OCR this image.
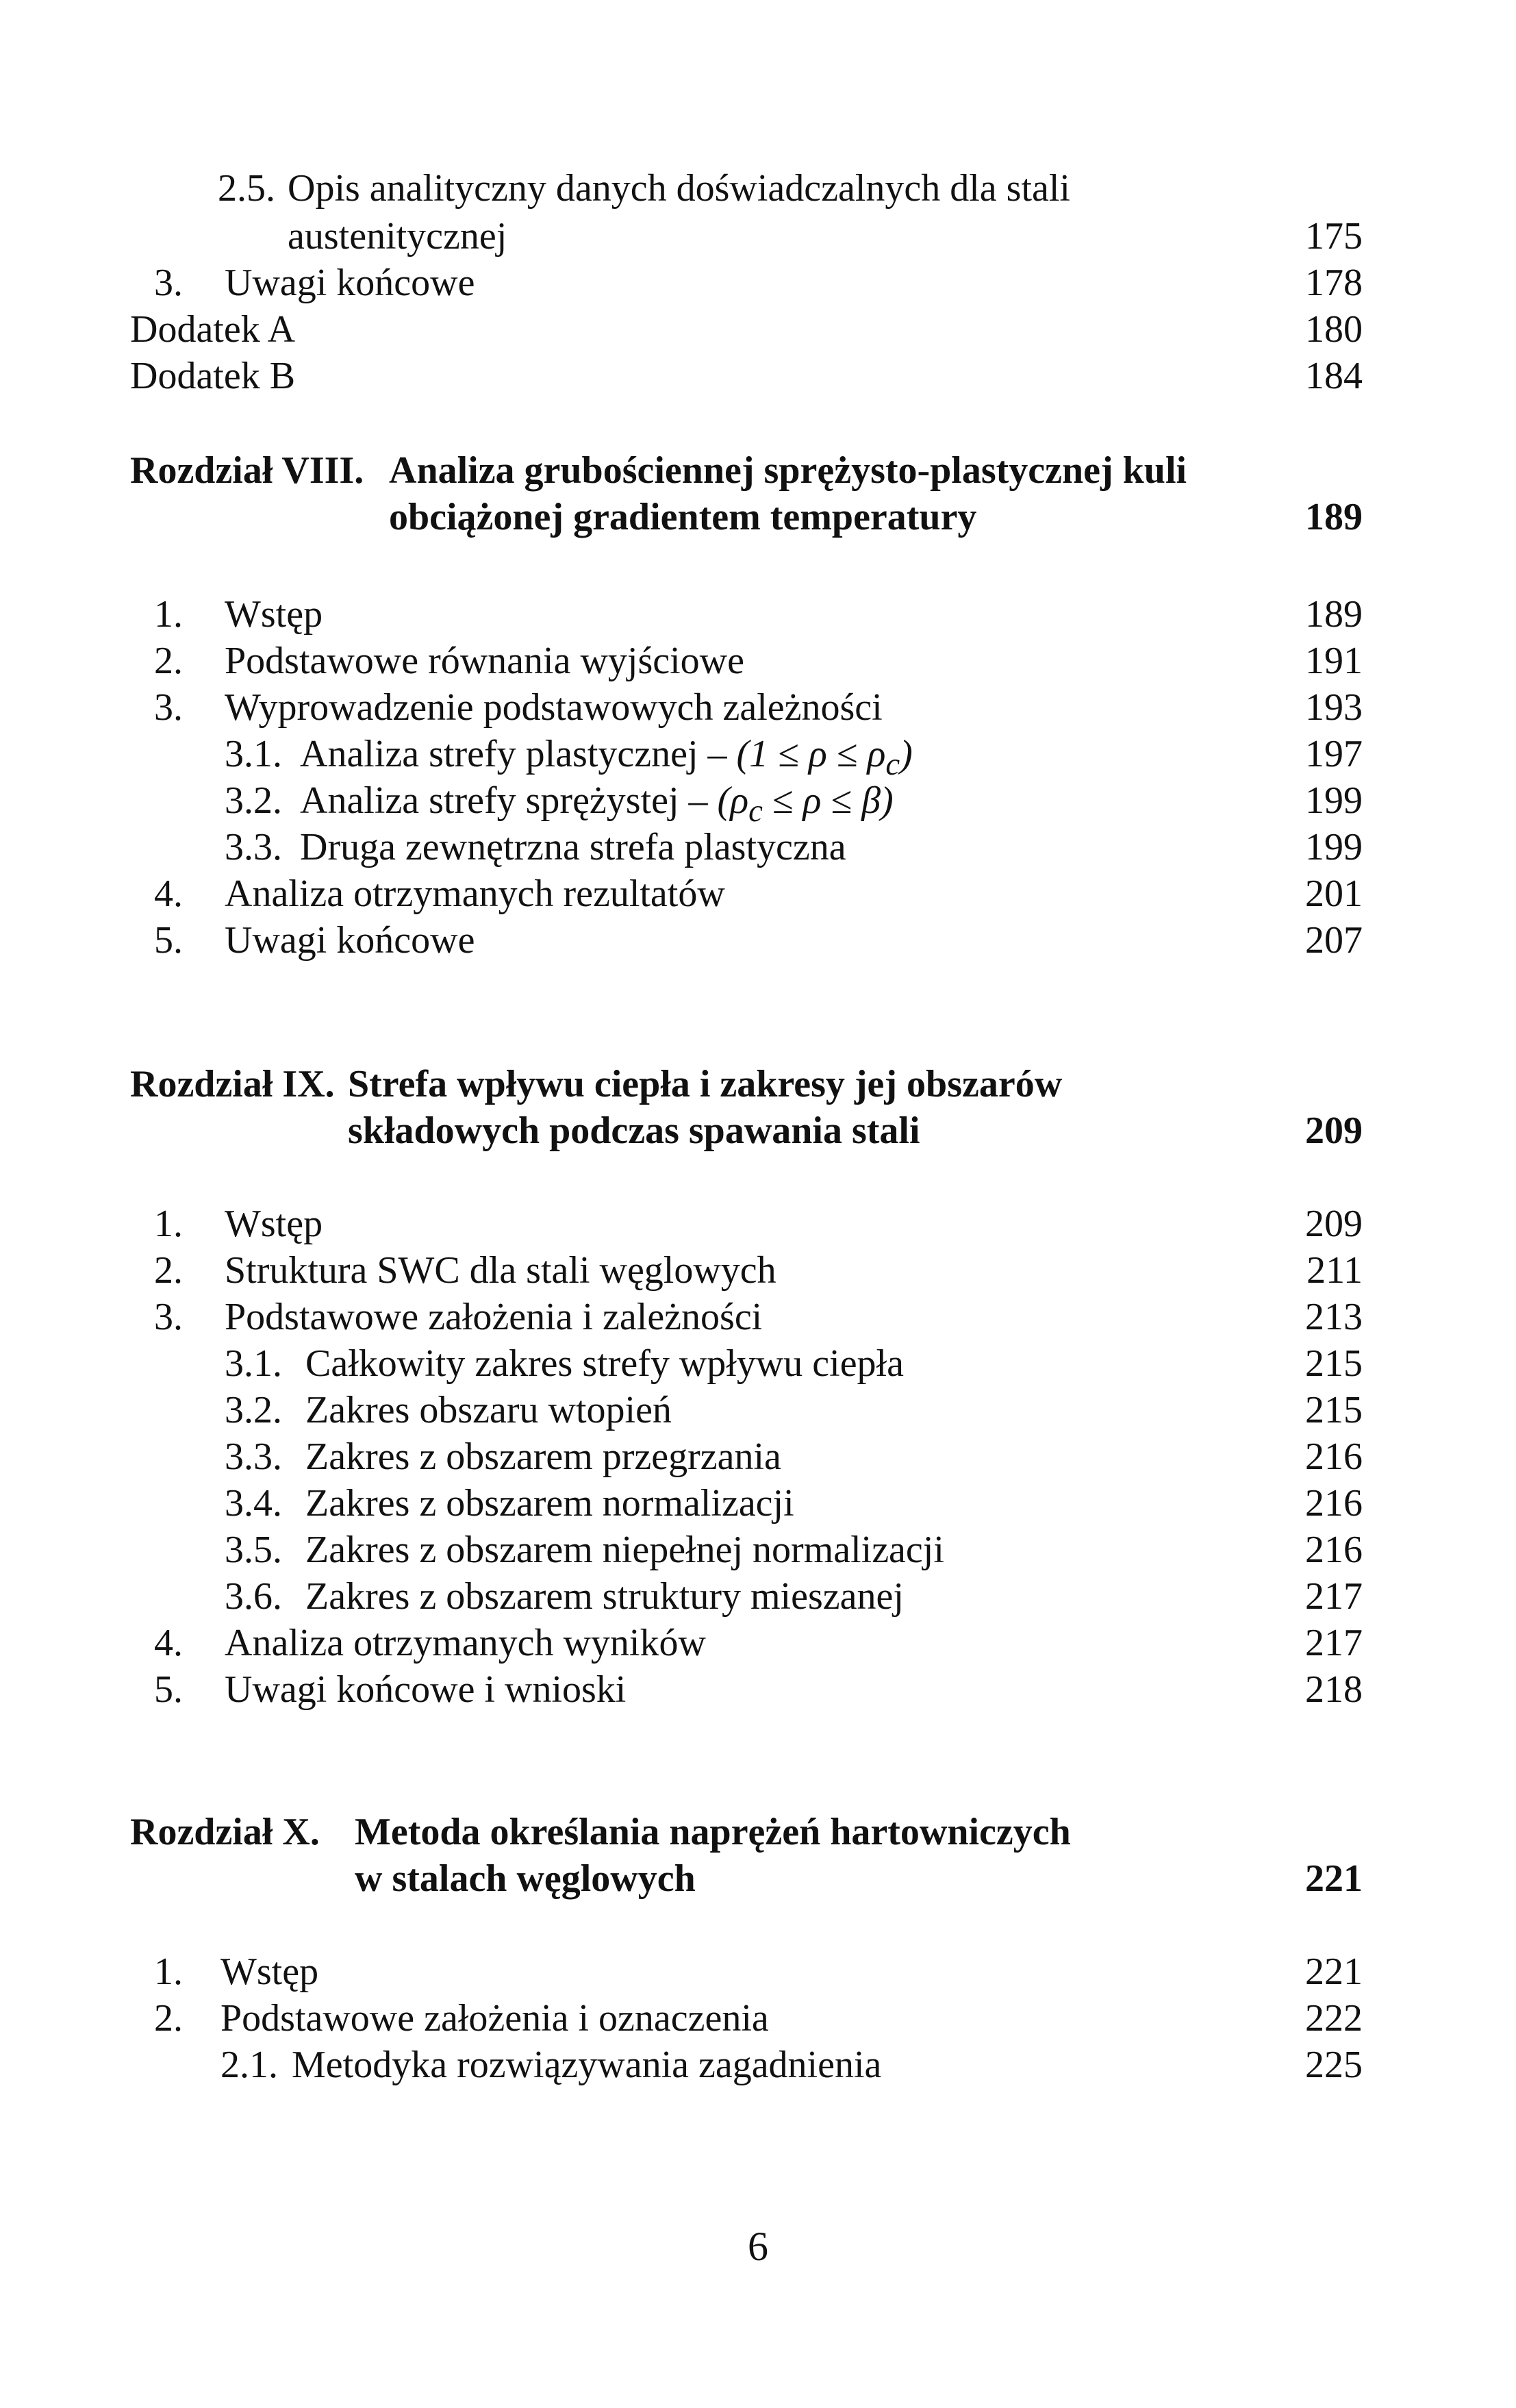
2.5. Opis analityczny danych doświadczalnych dla stali
austenitycznej	175
3. Uwagi końcowe	178
Dodatek A	180
Dodatek B	184
Rozdział VIII. Analiza grubościennej sprężysto-plastycznej kuli
obciążonej gradientem temperatury	189
1. Wstęp	189
2. Podstawowe równania wyjściowe	191
3. Wyprowadzenie podstawowych zależności	193
3.1. Analiza strefy plastycznej – $(1 \le \rho \le \rho_c)$	197
3.2. Analiza strefy sprężystej – $(\rho_c \le \rho \le \beta)$	199
3.3. Druga zewnętrzna strefa plastyczna	199
4. Analiza otrzymanych rezultatów	201
5. Uwagi końcowe	207
Rozdział IX. Strefa wpływu ciepła i zakresy jej obszarów
składowych podczas spawania stali	209
1. Wstęp	209
2. Struktura SWC dla stali węglowych	211
3. Podstawowe założenia i zależności	213
3.1. Całkowity zakres strefy wpływu ciepła	215
3.2. Zakres obszaru wtopień	215
3.3. Zakres z obszarem przegrzania	216
3.4. Zakres z obszarem normalizacji	216
3.5. Zakres z obszarem niepełnej normalizacji	216
3.6. Zakres z obszarem struktury mieszanej	217
4. Analiza otrzymanych wyników	217
5. Uwagi końcowe i wnioski	218
Rozdział X. Metoda określania naprężeń hartowniczych
w stalach węglowych	221
1. Wstęp	221
2. Podstawowe założenia i oznaczenia	222
2.1. Metodyka rozwiązywania zagadnienia	225
6
